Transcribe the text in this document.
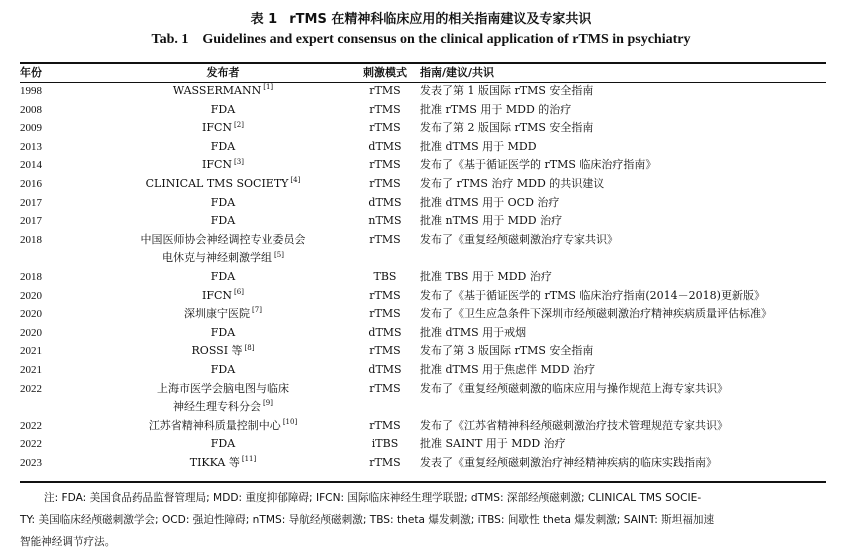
表 1 rTMS 在精神科临床应用的相关指南建议及专家共识
Tab. 1 Guidelines and expert consensus on the clinical application of rTMS in psychiatry
年份	发布者	刺激模式	指南/建议/共识
1998	WASSERMANN [1]	rTMS	发表了第 1 版国际 rTMS 安全指南
2008	FDA	rTMS	批准 rTMS 用于 MDD 的治疗
2009	IFCN [2]	rTMS	发布了第 2 版国际 rTMS 安全指南
2013	FDA	dTMS	批准 dTMS 用于 MDD
2014	IFCN [3]	rTMS	发布了《基于循证医学的 rTMS 临床治疗指南》
2016	CLINICAL TMS SOCIETY [4]	rTMS	发布了 rTMS 治疗 MDD 的共识建议
2017	FDA	dTMS	批准 dTMS 用于 OCD 治疗
2017	FDA	nTMS	批准 nTMS 用于 MDD 治疗
2018	中国医师协会神经调控专业委员会	rTMS	发布了《重复经颅磁刺激治疗专家共识》
	电休克与神经刺激学组 [5]		
2018	FDA	TBS	批准 TBS 用于 MDD 治疗
2020	IFCN [6]	rTMS	发布了《基于循证医学的 rTMS 临床治疗指南(2014－2018)更新版》
2020	深圳康宁医院 [7]	rTMS	发布了《卫生应急条件下深圳市经颅磁刺激治疗精神疾病质量评估标准》
2020	FDA	dTMS	批准 dTMS 用于戒烟
2021	ROSSI 等 [8]	rTMS	发布了第 3 版国际 rTMS 安全指南
2021	FDA	dTMS	批准 dTMS 用于焦虑伴 MDD 治疗
2022	上海市医学会脑电图与临床	rTMS	发布了《重复经颅磁刺激的临床应用与操作规范上海专家共识》
	神经生理专科分会 [9]		
2022	江苏省精神科质量控制中心 [10]	rTMS	发布了《江苏省精神科经颅磁刺激治疗技术管理规范专家共识》
2022	FDA	iTBS	批准 SAINT 用于 MDD 治疗
2023	TIKKA 等 [11]	rTMS	发表了《重复经颅磁刺激治疗神经精神疾病的临床实践指南》
注: FDA: 美国食品药品监督管理局; MDD: 重度抑郁障碍; IFCN: 国际临床神经生理学联盟; dTMS: 深部经颅磁刺激; CLINICAL TMS SOCIE-
TY: 美国临床经颅磁刺激学会; OCD: 强迫性障碍; nTMS: 导航经颅磁刺激; TBS: theta 爆发刺激; iTBS: 间歇性 theta 爆发刺激; SAINT: 斯坦福加速
智能神经调节疗法。
